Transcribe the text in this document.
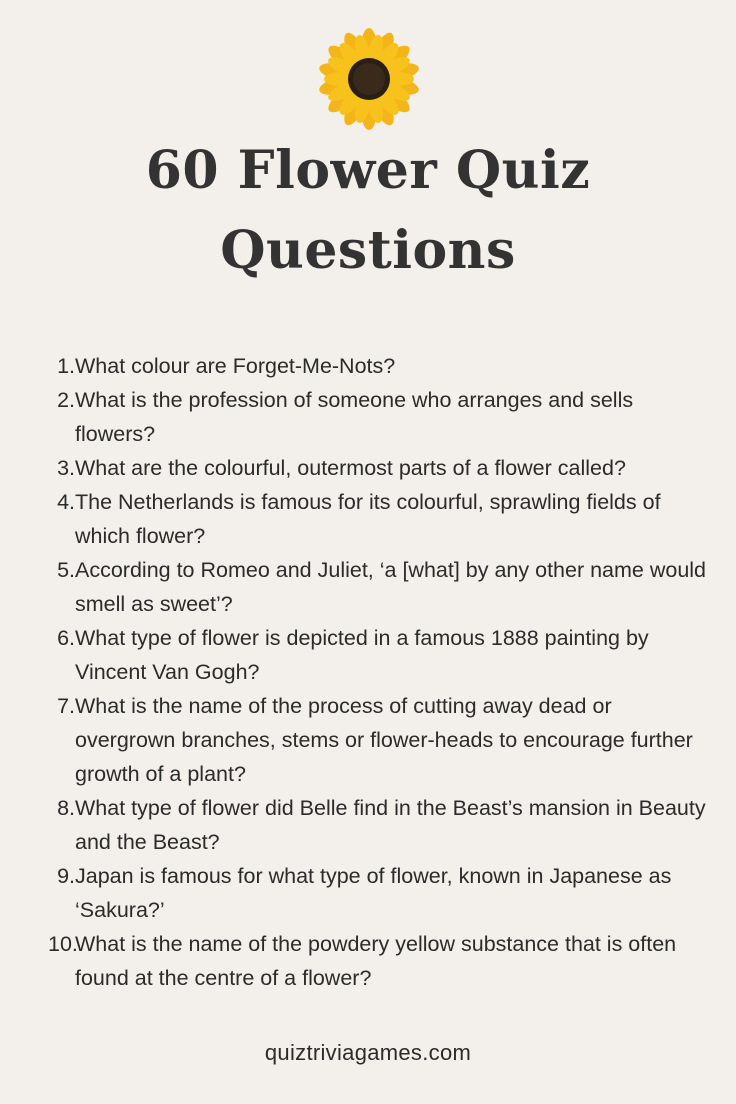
60 Flower Quiz
Questions
1. What colour are Forget-Me-Nots?
2. What is the profession of someone who arranges and sells flowers?
3. What are the colourful, outermost parts of a flower called?
4. The Netherlands is famous for its colourful, sprawling fields of which flower?
5. According to Romeo and Juliet, ‘a [what] by any other name would smell as sweet’?
6. What type of flower is depicted in a famous 1888 painting by Vincent Van Gogh?
7. What is the name of the process of cutting away dead or overgrown branches, stems or flower-heads to encourage further growth of a plant?
8. What type of flower did Belle find in the Beast’s mansion in Beauty and the Beast?
9. Japan is famous for what type of flower, known in Japanese as ‘Sakura?’
10.
What is the name of the powdery yellow substance that is often found at the centre of a flower?
quiztriviagames.com
